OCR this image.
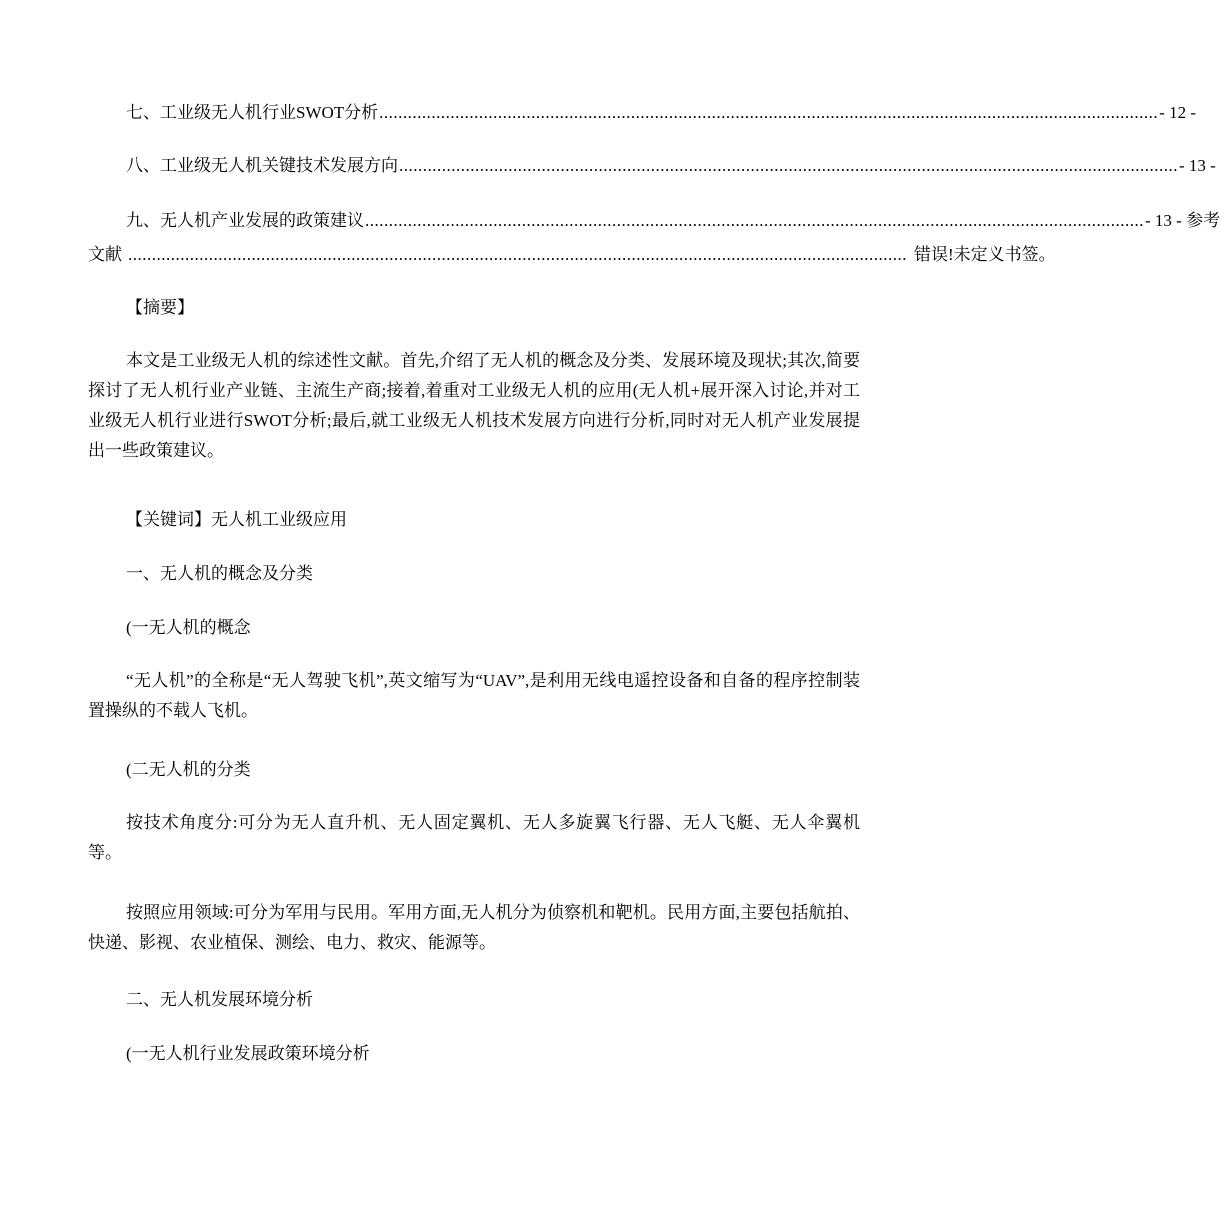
七、工业级无人机行业SWOT分析 .................................................................................................................................................................... - 12 -
八、工业级无人机关键技术发展方向 .................................................................................................................................................................... - 13 -
九、无人机产业发展的政策建议 .................................................................................................................................................................... - 13 - 参考
文献 .................................................................................................................................................................... 错误!未定义书签。
【摘要】
本文是工业级无人机的综述性文献。首先,介绍了无人机的概念及分类、发展环境及现状;其次,简要探讨了无人机行业产业链、主流生产商;接着,着重对工业级无人机的应用(无人机+展开深入讨论,并对工业级无人机行业进行SWOT分析;最后,就工业级无人机技术发展方向进行分析,同时对无人机产业发展提出一些政策建议。
【关键词】无人机工业级应用
一、无人机的概念及分类
(一无人机的概念
“无人机”的全称是“无人驾驶飞机”,英文缩写为“UAV”,是利用无线电遥控设备和自备的程序控制装置操纵的不载人飞机。
(二无人机的分类
按技术角度分:可分为无人直升机、无人固定翼机、无人多旋翼飞行器、无人飞艇、无人伞翼机等。
按照应用领域:可分为军用与民用。军用方面,无人机分为侦察机和靶机。民用方面,主要包括航拍、快递、影视、农业植保、测绘、电力、救灾、能源等。
二、无人机发展环境分析
(一无人机行业发展政策环境分析
